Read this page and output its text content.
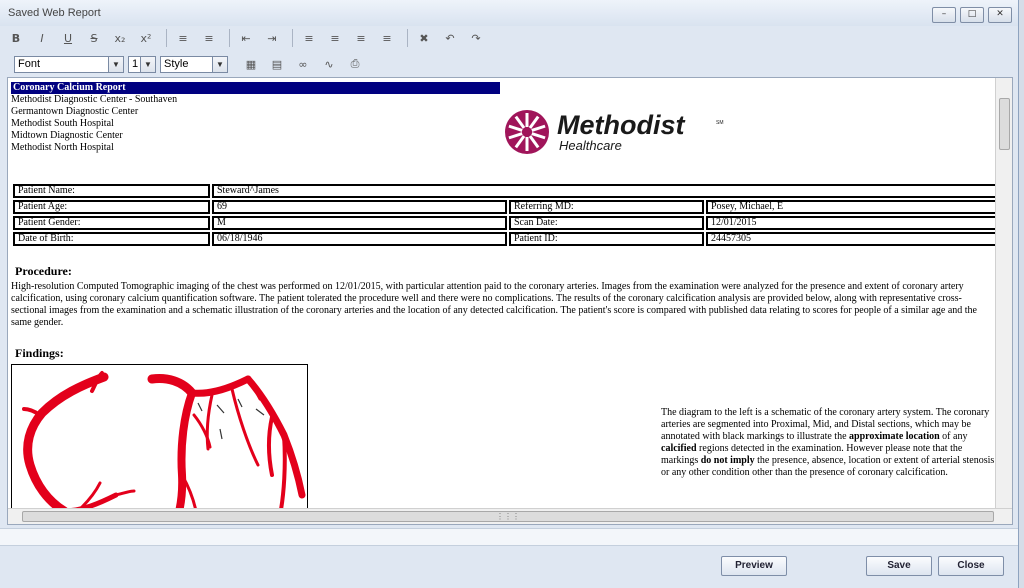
Saved Web Report	–	□	✕
B	I	U	S	x₂	x²	≡	≡	⇤	⇥	≡	≡	≡	≡	✖	↶	↷
Font	▼ 1 ▼ Style	▼	▦	▤	∞	∿	⎙
Coronary Calcium Report
Methodist Diagnostic Center - Southaven
Germantown Diagnostic Center
Methodist South Hospital
Midtown Diagnostic Center
Methodist North Hospital
Methodist
Healthcare
SM
Patient Name:	Steward^James		
Patient Age:	69	Referring MD:	Posey, Michael, E
Patient Gender:	M	Scan Date:	12/01/2015
Date of Birth:	06/18/1946	Patient ID:	24457305
Procedure:
High-resolution Computed Tomographic imaging of the chest was performed on 12/01/2015, with particular attention paid to the coronary arteries. Images from the examination were analyzed for the presence and extent of coronary artery calcification, using coronary calcium quantification software. The patient tolerated the procedure well and there were no complications. The results of the coronary calcification analysis are provided below, along with representative cross-sectional images from the examination and a schematic illustration of the coronary arteries and the location of any detected calcification. The patient's score is compared with published data relating to scores for people of a similar age and the same gender.
Findings:
The diagram to the left is a schematic of the coronary artery system. The coronary arteries are segmented into Proximal, Mid, and Distal sections, which may be annotated with black markings to illustrate the approximate location of any calcified regions detected in the examination. However please note that the markings do not imply the presence, absence, location or extent of arterial stenosis or any other condition other than the presence of coronary calcification.
⋮⋮⋮
Preview	Save	Close
